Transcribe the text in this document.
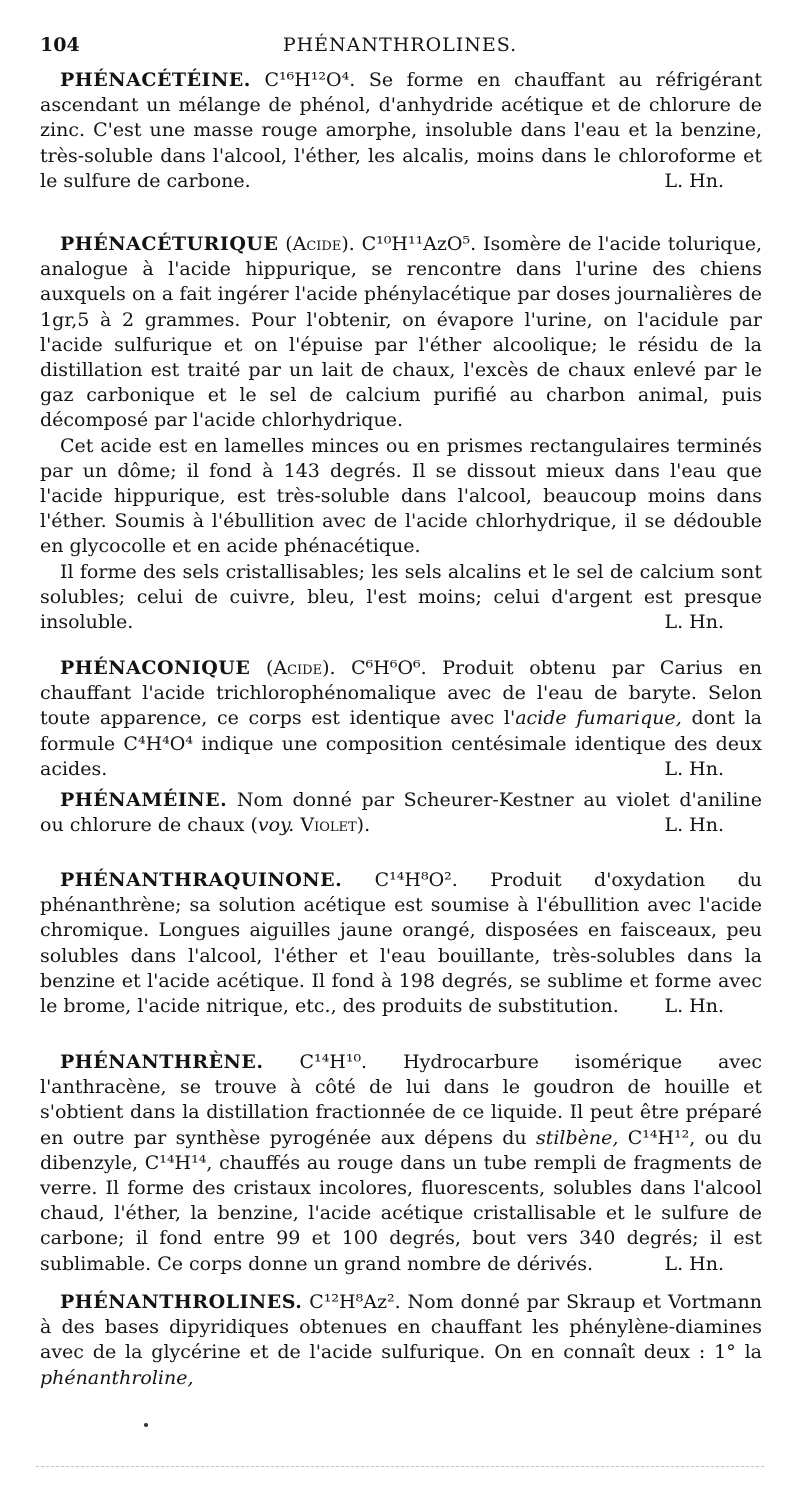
104	PHÉNANTHROLINES.

PHÉNACÉTÉINE. C¹⁶H¹²O⁴. Se forme en chauffant au réfrigérant ascendant un mélange de phénol, d'anhydride acétique et de chlorure de zinc. C'est une masse rouge amorphe, insoluble dans l'eau et la benzine, très-soluble dans l'alcool, l'éther, les alcalis, moins dans le chloroforme et le sulfure de carbone.	L. Hn.

PHÉNACÉTURIQUE (Acide). C¹⁰H¹¹AzO⁵. Isomère de l'acide tolurique, analogue à l'acide hippurique, se rencontre dans l'urine des chiens auxquels on a fait ingérer l'acide phénylacétique par doses journalières de 1gr,5 à 2 grammes. Pour l'obtenir, on évapore l'urine, on l'acidule par l'acide sulfurique et on l'épuise par l'éther alcoolique; le résidu de la distillation est traité par un lait de chaux, l'excès de chaux enlevé par le gaz carbonique et le sel de calcium purifié au charbon animal, puis décomposé par l'acide chlorhydrique.

Cet acide est en lamelles minces ou en prismes rectangulaires terminés par un dôme; il fond à 143 degrés. Il se dissout mieux dans l'eau que l'acide hippurique, est très-soluble dans l'alcool, beaucoup moins dans l'éther. Soumis à l'ébullition avec de l'acide chlorhydrique, il se dédouble en glycocolle et en acide phénacétique.

Il forme des sels cristallisables; les sels alcalins et le sel de calcium sont solubles; celui de cuivre, bleu, l'est moins; celui d'argent est presque insoluble.	L. Hn.

PHÉNACONIQUE (Acide). C⁶H⁶O⁶. Produit obtenu par Carius en chauffant l'acide trichlorophénomalique avec de l'eau de baryte. Selon toute apparence, ce corps est identique avec l'acide fumarique, dont la formule C⁴H⁴O⁴ indique une composition centésimale identique des deux acides.	L. Hn.

PHÉNAMÉINE. Nom donné par Scheurer-Kestner au violet d'aniline ou chlorure de chaux (voy. Violet).	L. Hn.

PHÉNANTHRAQUINONE. C¹⁴H⁸O². Produit d'oxydation du phénanthrène; sa solution acétique est soumise à l'ébullition avec l'acide chromique. Longues aiguilles jaune orangé, disposées en faisceaux, peu solubles dans l'alcool, l'éther et l'eau bouillante, très-solubles dans la benzine et l'acide acétique. Il fond à 198 degrés, se sublime et forme avec le brome, l'acide nitrique, etc., des produits de substitution.	L. Hn.

PHÉNANTHRÈNE. C¹⁴H¹⁰. Hydrocarbure isomérique avec l'anthracène, se trouve à côté de lui dans le goudron de houille et s'obtient dans la distillation fractionnée de ce liquide. Il peut être préparé en outre par synthèse pyrogénée aux dépens du stilbène, C¹⁴H¹², ou du dibenzyle, C¹⁴H¹⁴, chauffés au rouge dans un tube rempli de fragments de verre. Il forme des cristaux incolores, fluorescents, solubles dans l'alcool chaud, l'éther, la benzine, l'acide acétique cristallisable et le sulfure de carbone; il fond entre 99 et 100 degrés, bout vers 340 degrés; il est sublimable. Ce corps donne un grand nombre de dérivés.	L. Hn.

PHÉNANTHROLINES. C¹²H⁸Az². Nom donné par Skraup et Vortmann à des bases dipyridiques obtenues en chauffant les phénylène-diamines avec de la glycérine et de l'acide sulfurique. On en connaît deux : 1° la phénanthroline,
